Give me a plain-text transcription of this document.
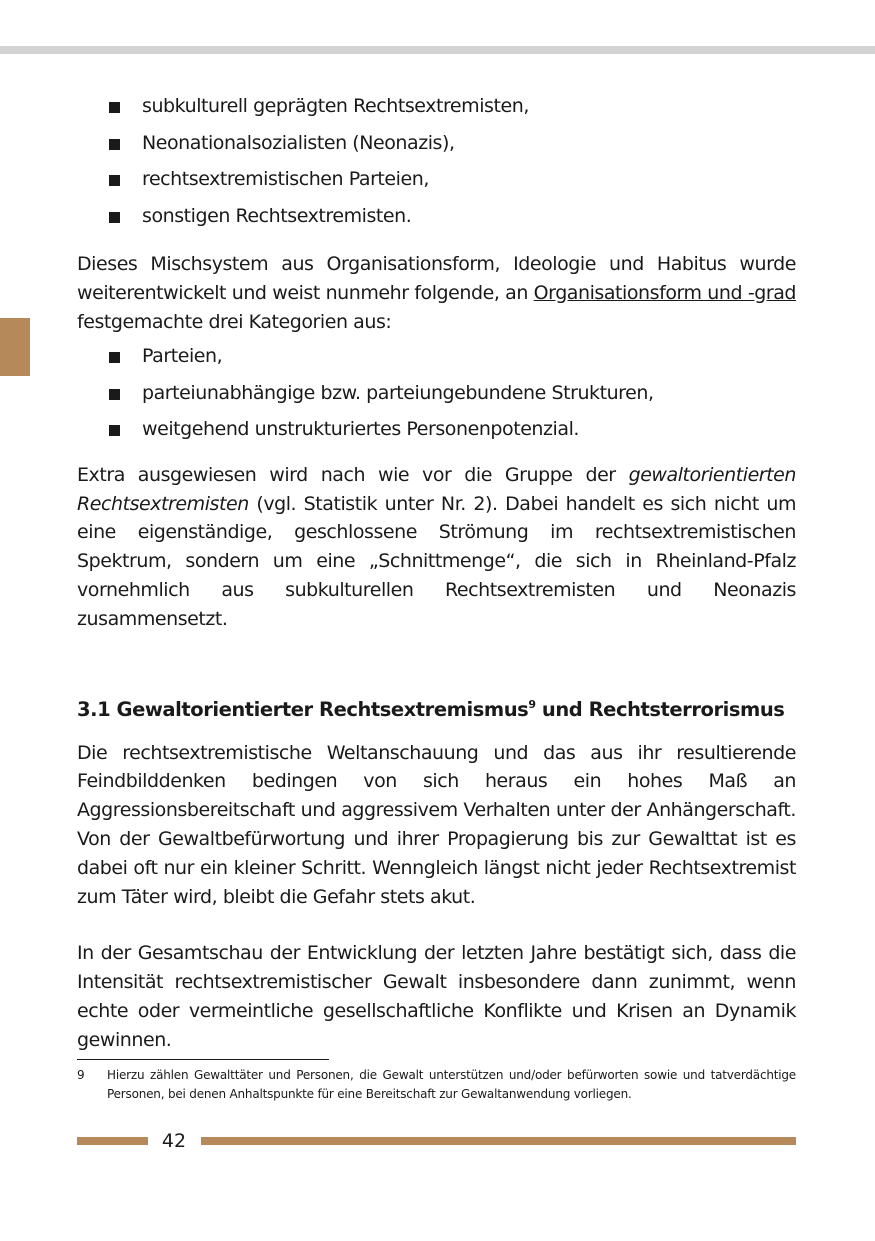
subkulturell geprägten Rechtsextremisten,
Neonationalsozialisten (Neonazis),
rechtsextremistischen Parteien,
sonstigen Rechtsextremisten.

Dieses Mischsystem aus Organisationsform, Ideologie und Habitus wurde weiterentwickelt und weist nunmehr folgende, an Organisationsform und -grad festgemachte drei Kategorien aus:

Parteien,
parteiunabhängige bzw. parteiungebundene Strukturen,
weitgehend unstrukturiertes Personenpotenzial.

Extra ausgewiesen wird nach wie vor die Gruppe der gewaltorientierten Rechtsextremisten (vgl. Statistik unter Nr. 2). Dabei handelt es sich nicht um eine eigenständige, geschlossene Strömung im rechtsextremistischen Spektrum, sondern um eine „Schnittmenge“, die sich in Rheinland-Pfalz vornehmlich aus subkulturellen Rechtsextremisten und Neonazis zusammensetzt.

3.1 Gewaltorientierter Rechtsextremismus$^9$ und Rechtsterrorismus

Die rechtsextremistische Weltanschauung und das aus ihr resultierende Feindbilddenken bedingen von sich heraus ein hohes Maß an Aggressionsbereitschaft und aggressivem Verhalten unter der Anhängerschaft. Von der Gewaltbefürwortung und ihrer Propagierung bis zur Gewalttat ist es dabei oft nur ein kleiner Schritt. Wenngleich längst nicht jeder Rechtsextremist zum Täter wird, bleibt die Gefahr stets akut.

In der Gesamtschau der Entwicklung der letzten Jahre bestätigt sich, dass die Intensität rechtsextremistischer Gewalt insbesondere dann zunimmt, wenn echte oder vermeintliche gesellschaftliche Konflikte und Krisen an Dynamik gewinnen.

9 Hierzu zählen Gewalttäter und Personen, die Gewalt unterstützen und/oder befürworten sowie und tatverdächtige Personen, bei denen Anhaltspunkte für eine Bereitschaft zur Gewaltanwendung vorliegen.
42
